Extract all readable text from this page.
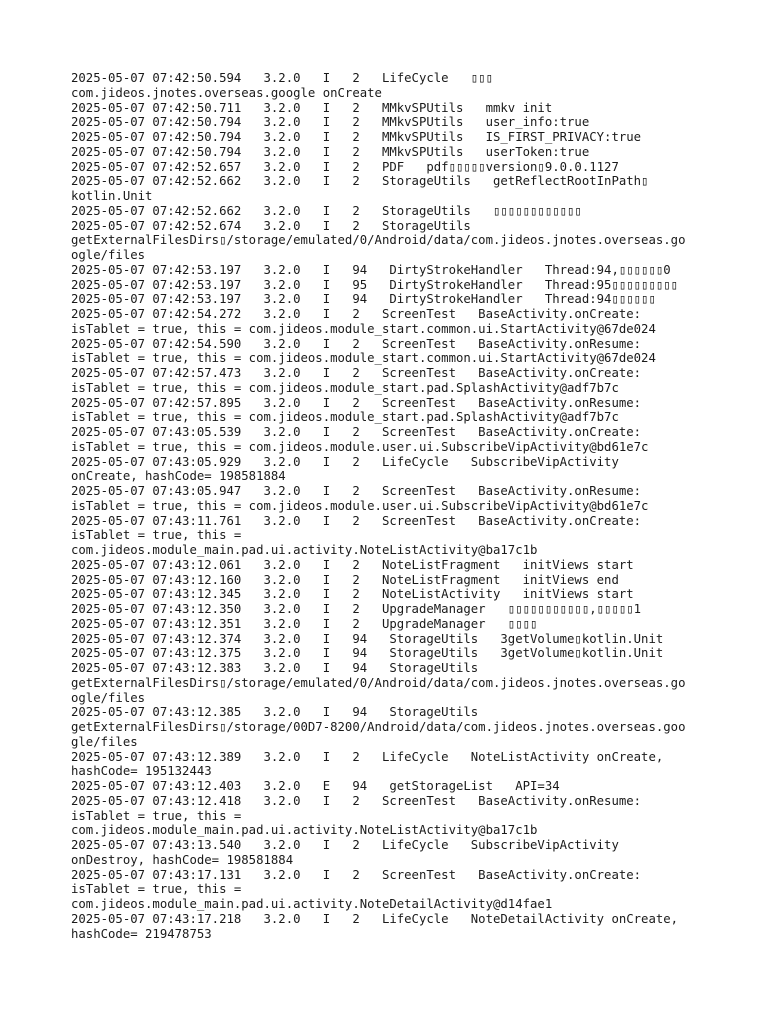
2025-05-07 07:42:50.594   3.2.0   I   2   LifeCycle   ▯▯▯
com.jideos.jnotes.overseas.google onCreate
2025-05-07 07:42:50.711   3.2.0   I   2   MMkvSPUtils   mmkv init
2025-05-07 07:42:50.794   3.2.0   I   2   MMkvSPUtils   user_info:true
2025-05-07 07:42:50.794   3.2.0   I   2   MMkvSPUtils   IS_FIRST_PRIVACY:true
2025-05-07 07:42:50.794   3.2.0   I   2   MMkvSPUtils   userToken:true
2025-05-07 07:42:52.657   3.2.0   I   2   PDF   pdf▯▯▯▯▯version▯9.0.0.1127
2025-05-07 07:42:52.662   3.2.0   I   2   StorageUtils   getReflectRootInPath▯
kotlin.Unit
2025-05-07 07:42:52.662   3.2.0   I   2   StorageUtils   ▯▯▯▯▯▯▯▯▯▯▯▯
2025-05-07 07:42:52.674   3.2.0   I   2   StorageUtils
getExternalFilesDirs▯/storage/emulated/0/Android/data/com.jideos.jnotes.overseas.go
ogle/files
2025-05-07 07:42:53.197   3.2.0   I   94   DirtyStrokeHandler   Thread:94,▯▯▯▯▯▯0
2025-05-07 07:42:53.197   3.2.0   I   95   DirtyStrokeHandler   Thread:95▯▯▯▯▯▯▯▯▯
2025-05-07 07:42:53.197   3.2.0   I   94   DirtyStrokeHandler   Thread:94▯▯▯▯▯▯
2025-05-07 07:42:54.272   3.2.0   I   2   ScreenTest   BaseActivity.onCreate:
isTablet = true, this = com.jideos.module_start.common.ui.StartActivity@67de024
2025-05-07 07:42:54.590   3.2.0   I   2   ScreenTest   BaseActivity.onResume:
isTablet = true, this = com.jideos.module_start.common.ui.StartActivity@67de024
2025-05-07 07:42:57.473   3.2.0   I   2   ScreenTest   BaseActivity.onCreate:
isTablet = true, this = com.jideos.module_start.pad.SplashActivity@adf7b7c
2025-05-07 07:42:57.895   3.2.0   I   2   ScreenTest   BaseActivity.onResume:
isTablet = true, this = com.jideos.module_start.pad.SplashActivity@adf7b7c
2025-05-07 07:43:05.539   3.2.0   I   2   ScreenTest   BaseActivity.onCreate:
isTablet = true, this = com.jideos.module.user.ui.SubscribeVipActivity@bd61e7c
2025-05-07 07:43:05.929   3.2.0   I   2   LifeCycle   SubscribeVipActivity
onCreate, hashCode= 198581884
2025-05-07 07:43:05.947   3.2.0   I   2   ScreenTest   BaseActivity.onResume:
isTablet = true, this = com.jideos.module.user.ui.SubscribeVipActivity@bd61e7c
2025-05-07 07:43:11.761   3.2.0   I   2   ScreenTest   BaseActivity.onCreate:
isTablet = true, this =
com.jideos.module_main.pad.ui.activity.NoteListActivity@ba17c1b
2025-05-07 07:43:12.061   3.2.0   I   2   NoteListFragment   initViews start
2025-05-07 07:43:12.160   3.2.0   I   2   NoteListFragment   initViews end
2025-05-07 07:43:12.345   3.2.0   I   2   NoteListActivity   initViews start
2025-05-07 07:43:12.350   3.2.0   I   2   UpgradeManager   ▯▯▯▯▯▯▯▯▯▯▯,▯▯▯▯▯1
2025-05-07 07:43:12.351   3.2.0   I   2   UpgradeManager   ▯▯▯▯
2025-05-07 07:43:12.374   3.2.0   I   94   StorageUtils   3getVolume▯kotlin.Unit
2025-05-07 07:43:12.375   3.2.0   I   94   StorageUtils   3getVolume▯kotlin.Unit
2025-05-07 07:43:12.383   3.2.0   I   94   StorageUtils
getExternalFilesDirs▯/storage/emulated/0/Android/data/com.jideos.jnotes.overseas.go
ogle/files
2025-05-07 07:43:12.385   3.2.0   I   94   StorageUtils
getExternalFilesDirs▯/storage/00D7-8200/Android/data/com.jideos.jnotes.overseas.goo
gle/files
2025-05-07 07:43:12.389   3.2.0   I   2   LifeCycle   NoteListActivity onCreate,
hashCode= 195132443
2025-05-07 07:43:12.403   3.2.0   E   94   getStorageList   API=34
2025-05-07 07:43:12.418   3.2.0   I   2   ScreenTest   BaseActivity.onResume:
isTablet = true, this =
com.jideos.module_main.pad.ui.activity.NoteListActivity@ba17c1b
2025-05-07 07:43:13.540   3.2.0   I   2   LifeCycle   SubscribeVipActivity
onDestroy, hashCode= 198581884
2025-05-07 07:43:17.131   3.2.0   I   2   ScreenTest   BaseActivity.onCreate:
isTablet = true, this =
com.jideos.module_main.pad.ui.activity.NoteDetailActivity@d14fae1
2025-05-07 07:43:17.218   3.2.0   I   2   LifeCycle   NoteDetailActivity onCreate,
hashCode= 219478753
